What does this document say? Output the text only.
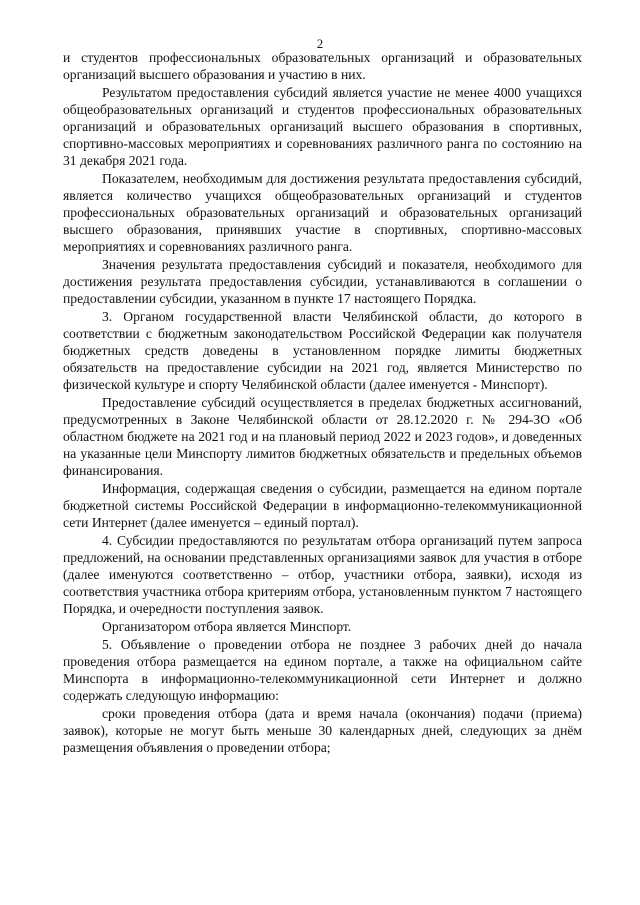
2

и студентов профессиональных образовательных организаций и образовательных организаций высшего образования и участию в них.

Результатом предоставления субсидий является участие не менее 4000 учащихся общеобразовательных организаций и студентов профессиональных образовательных организаций и образовательных организаций высшего образования в спортивных, спортивно-массовых мероприятиях и соревнованиях различного ранга по состоянию на 31 декабря 2021 года.

Показателем, необходимым для достижения результата предоставления субсидий, является количество учащихся общеобразовательных организаций и студентов профессиональных образовательных организаций и образовательных организаций высшего образования, принявших участие в спортивных, спортивно-массовых мероприятиях и соревнованиях различного ранга.

Значения результата предоставления субсидий и показателя, необходимого для достижения результата предоставления субсидии, устанавливаются в соглашении о предоставлении субсидии, указанном в пункте 17 настоящего Порядка.

3. Органом государственной власти Челябинской области, до которого в соответствии с бюджетным законодательством Российской Федерации как получателя бюджетных средств доведены в установленном порядке лимиты бюджетных обязательств на предоставление субсидии на 2021 год, является Министерство по физической культуре и спорту Челябинской области (далее именуется - Минспорт).

Предоставление субсидий осуществляется в пределах бюджетных ассигнований, предусмотренных в Законе Челябинской области от 28.12.2020 г. № 294-ЗО «Об областном бюджете на 2021 год и на плановый период 2022 и 2023 годов», и доведенных на указанные цели Минспорту лимитов бюджетных обязательств и предельных объемов финансирования.

Информация, содержащая сведения о субсидии, размещается на едином портале бюджетной системы Российской Федерации в информационно-телекоммуникационной сети Интернет (далее именуется – единый портал).

4. Субсидии предоставляются по результатам отбора организаций путем запроса предложений, на основании представленных организациями заявок для участия в отборе (далее именуются соответственно – отбор, участники отбора, заявки), исходя из соответствия участника отбора критериям отбора, установленным пунктом 7 настоящего Порядка, и очередности поступления заявок.

Организатором отбора является Минспорт.

5. Объявление о проведении отбора не позднее 3 рабочих дней до начала проведения отбора размещается на едином портале, а также на официальном сайте Минспорта в информационно-телекоммуникационной сети Интернет и должно содержать следующую информацию:

сроки проведения отбора (дата и время начала (окончания) подачи (приема) заявок), которые не могут быть меньше 30 календарных дней, следующих за днём размещения объявления о проведении отбора;
